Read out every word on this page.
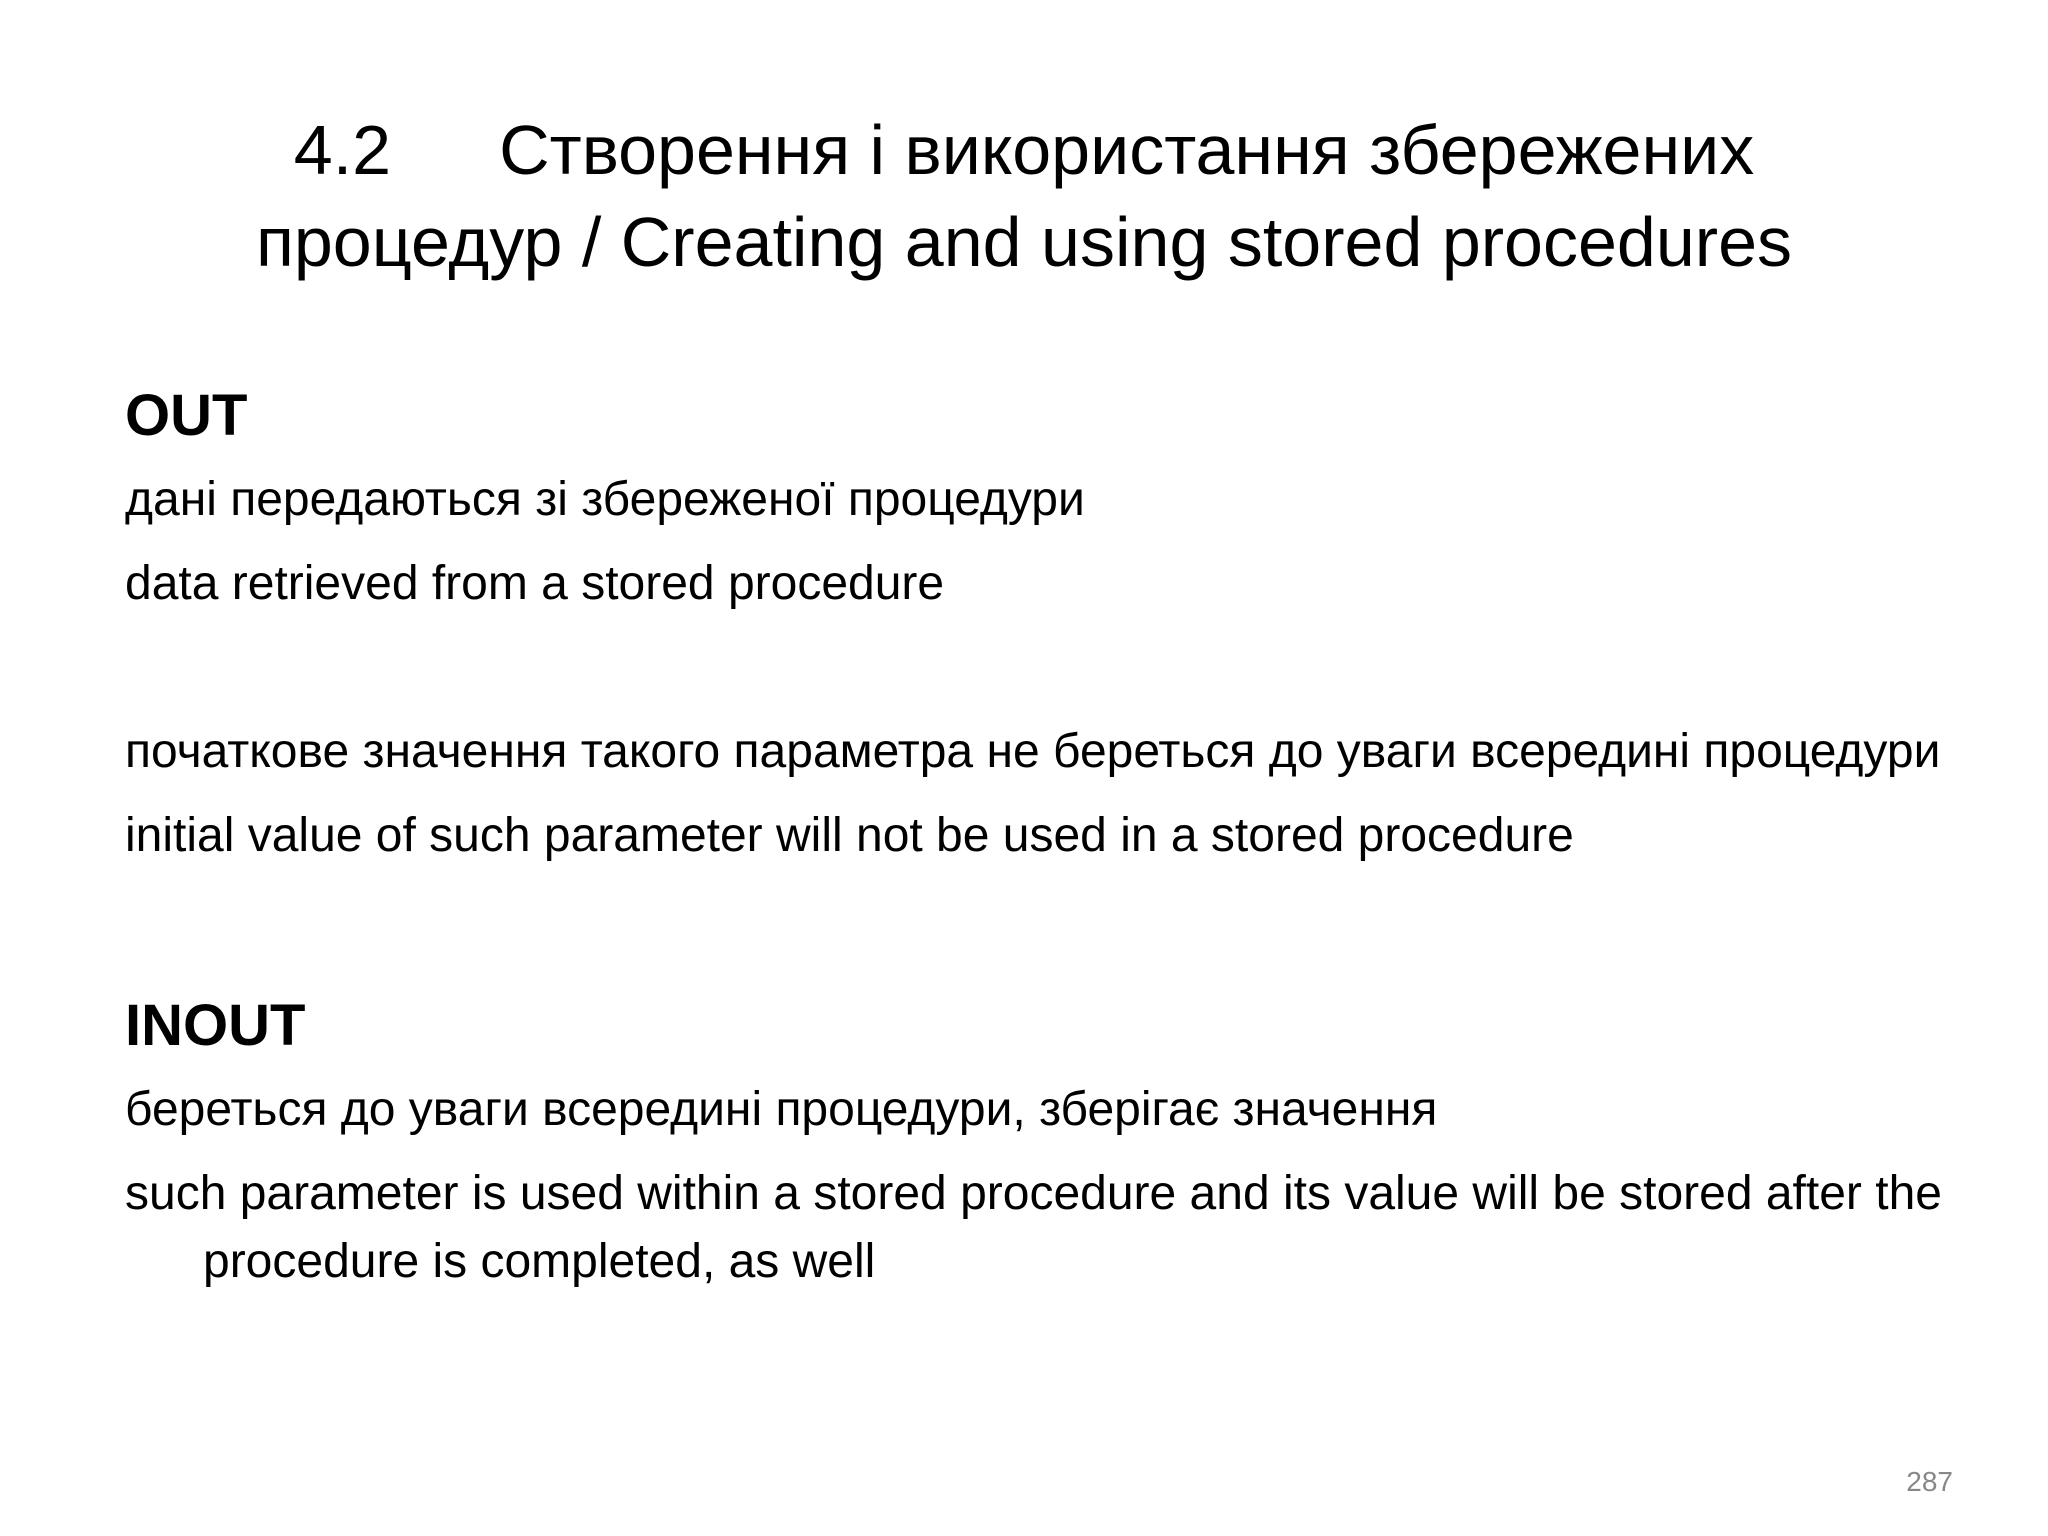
4.2 Створення і використання збережених
процедур / Creating and using stored procedures

OUT

дані передаються зі збереженої процедури

data retrieved from a stored procedure

початкове значення такого параметра не береться до уваги всередині процедури

initial value of such parameter will not be used in a stored procedure

INOUT

береться до уваги всередині процедури, зберігає значення

such parameter is used within a stored procedure and its value will be stored after the procedure is completed, as well

287
